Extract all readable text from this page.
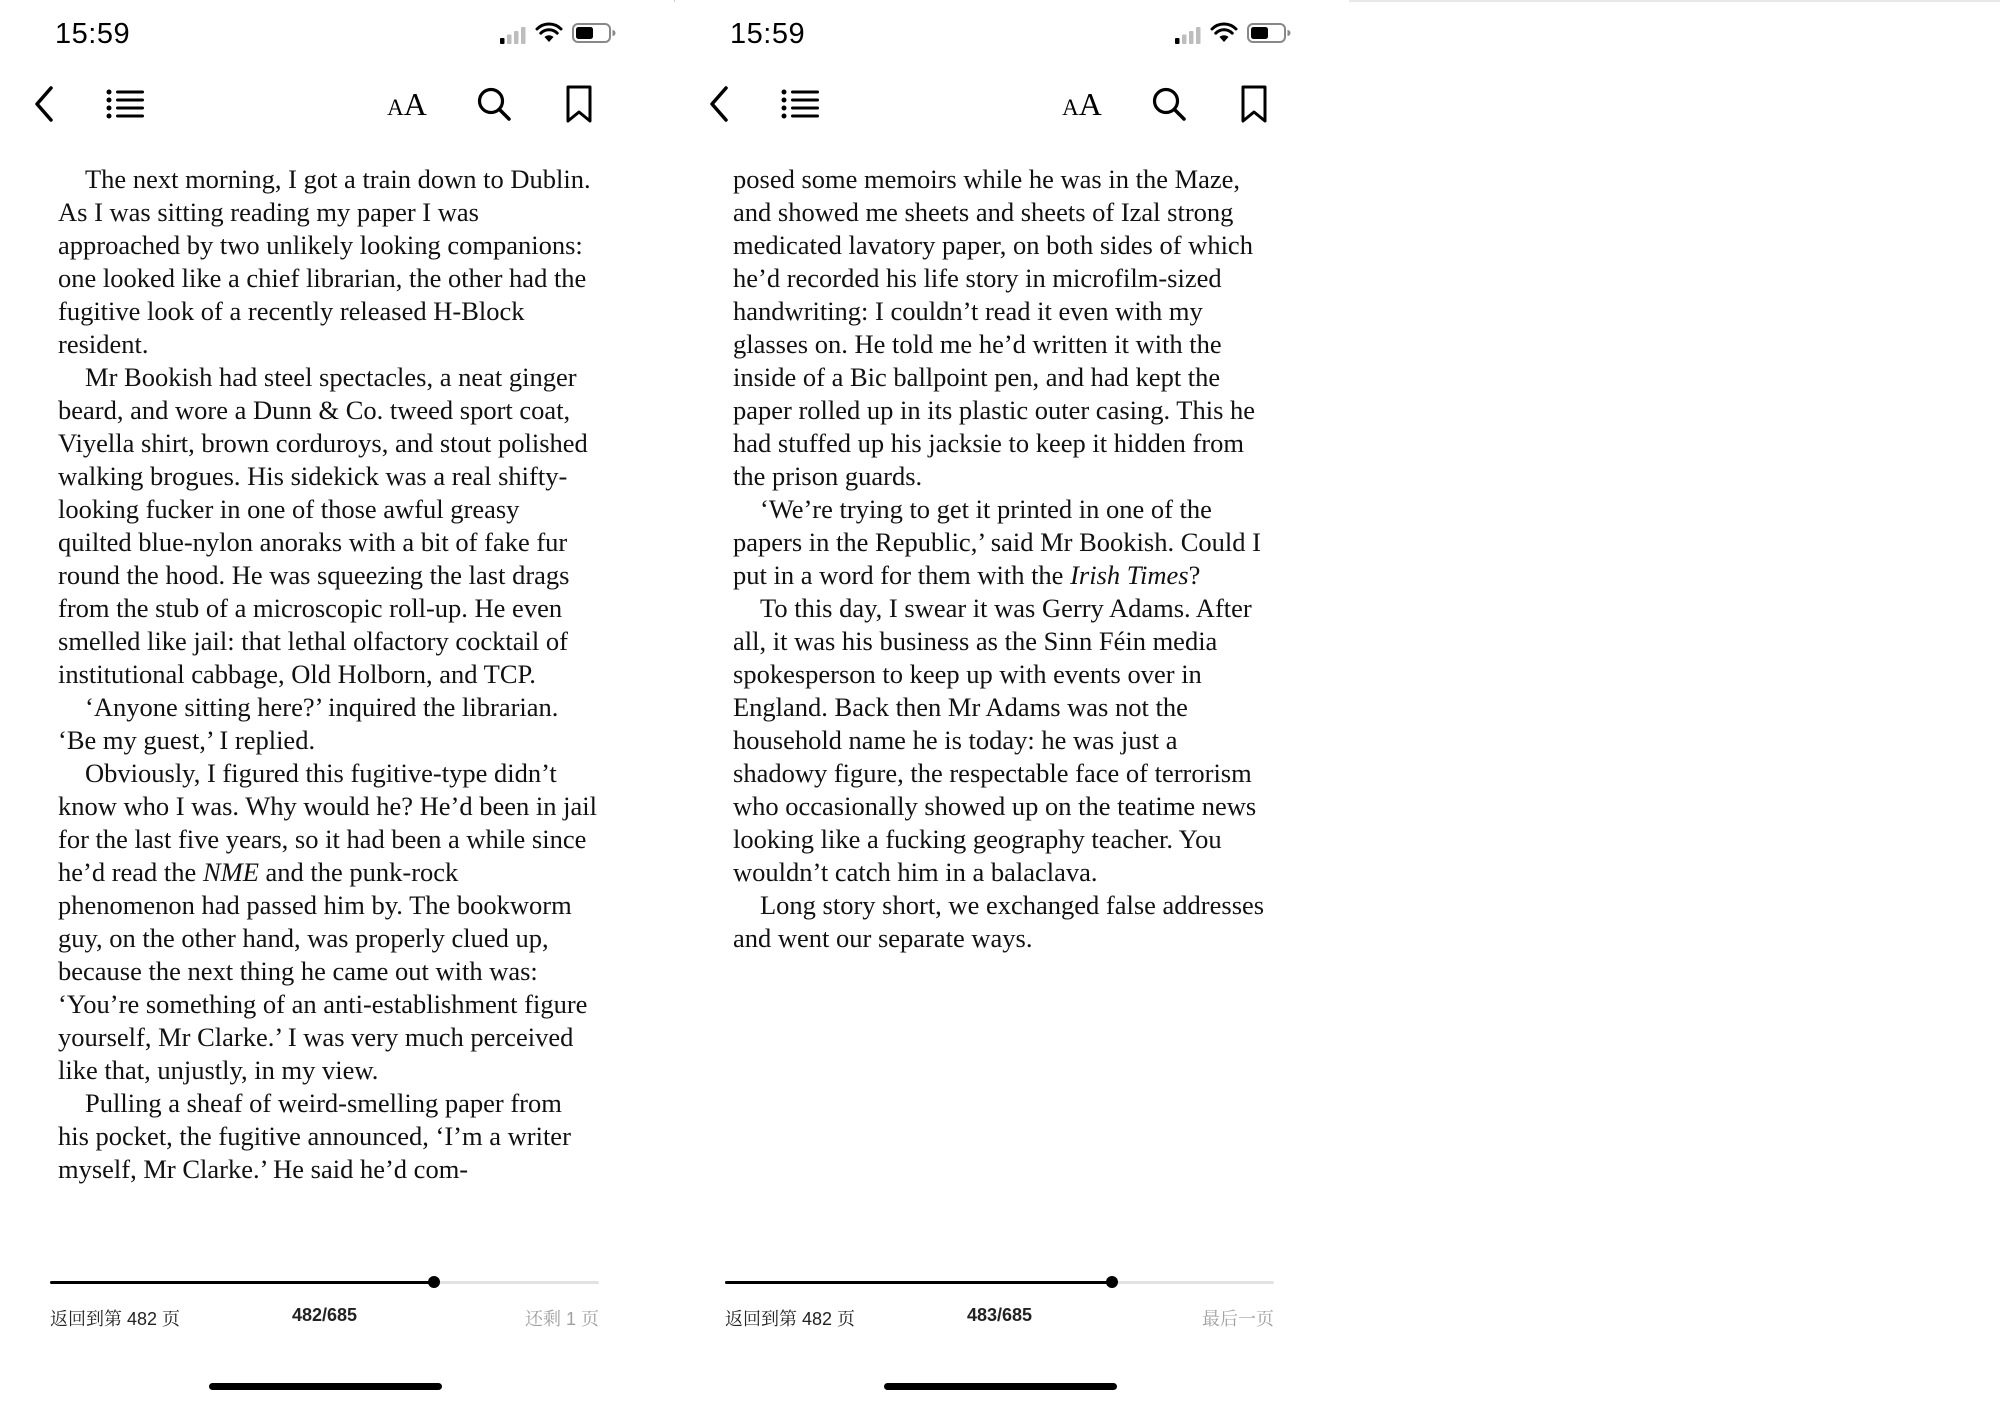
15:59
AA

The next morning, I got a train down to Dublin. As I was sitting reading my paper I was approached by two unlikely looking companions: one looked like a chief librarian, the other had the fugitive look of a recently released H-Block resident.

Mr Bookish had steel spectacles, a neat ginger beard, and wore a Dunn & Co. tweed sport coat, Viyella shirt, brown corduroys, and stout polished walking brogues. His sidekick was a real shifty-looking fucker in one of those awful greasy quilted blue-nylon anoraks with a bit of fake fur round the hood. He was squeezing the last drags from the stub of a microscopic roll-up. He even smelled like jail: that lethal olfactory cocktail of institutional cabbage, Old Holborn, and TCP.

‘Anyone sitting here?’ inquired the librarian.

‘Be my guest,’ I replied.

Obviously, I figured this fugitive-type didn’t know who I was. Why would he? He’d been in jail for the last five years, so it had been a while since he’d read the NME and the punk-rock phenomenon had passed him by. The bookworm guy, on the other hand, was properly clued up, because the next thing he came out with was: ‘You’re something of an anti-establishment figure yourself, Mr Clarke.’ I was very much perceived like that, unjustly, in my view.

Pulling a sheaf of weird-smelling paper from his pocket, the fugitive announced, ‘I’m a writer myself, Mr Clarke.’ He said he’d com-

返回到第 482 页	482/685	还剩 1 页
15:59
AA

posed some memoirs while he was in the Maze, and showed me sheets and sheets of Izal strong medicated lavatory paper, on both sides of which he’d recorded his life story in microfilm-sized handwriting: I couldn’t read it even with my glasses on. He told me he’d written it with the inside of a Bic ballpoint pen, and had kept the paper rolled up in its plastic outer casing. This he had stuffed up his jacksie to keep it hidden from the prison guards.

‘We’re trying to get it printed in one of the papers in the Republic,’ said Mr Bookish. Could I put in a word for them with the Irish Times?

To this day, I swear it was Gerry Adams. After all, it was his business as the Sinn Féin media spokesperson to keep up with events over in England. Back then Mr Adams was not the household name he is today: he was just a shadowy figure, the respectable face of terrorism who occasionally showed up on the teatime news looking like a fucking geography teacher. You wouldn’t catch him in a balaclava.

Long story short, we exchanged false addresses and went our separate ways.

返回到第 482 页	483/685	最后一页
